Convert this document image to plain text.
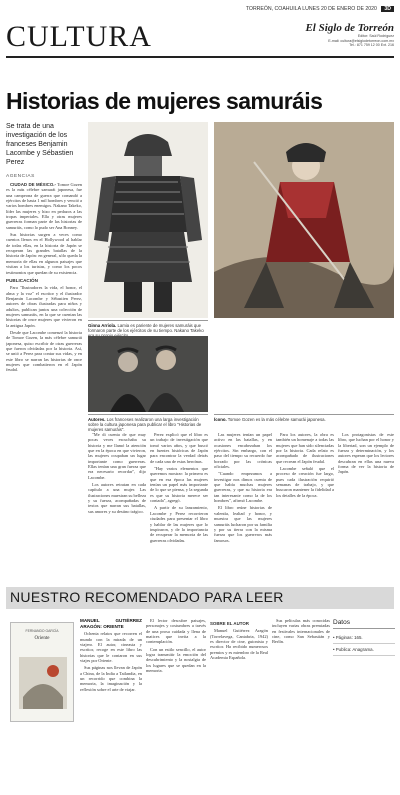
TORREÓN, COAHUILA LUNES 20 DE ENERO DE 2020 3D
CULTURA	El Siglo de Torreón
Editor: Saúl Rodríguez
E-mail: cultura@elsiglodetorreon.com.mx
Tel.: 871 759 12 00 Ext. 216
Historias de mujeres samuráis
Se trata de una investigación de los franceses Benjamin Lacombe y Sébastien Perez
AGENCIAS

CIUDAD DE MÉXICO.- Tomoe Gozen es la más célebre samurái japonesa, fue una campeona de guerra que comandó a ejércitos de hasta 1 mil hombres y venció a varios hombres enemigos. Nakano Takeko, líder las mujeres y hizo en pedazos a las tropas imperiales. Ella y otras mujeres guerreras forman parte de las historias de samuráis, como lo pudo ser Ana Bonney.

Sus historias surgen a veces como cuentos llenos en el Hollywood al hablar de todas ellas, en la historia de Japón se recuperan las grandes batallas de la historia de Japón: en general, sólo queda la memoria de ellas en algunos paisajes que visitan a los turistas, y como los pocos testimonios que quedan de su existencia.

PUBLICACIÓN

Para "Ilustradores la vida, el honor, el alma y la voz" el escritor y el ilustrador Benjamin Lacombe y Sébastien Perez, autores de obras ilustradas para niños y adultos, publican juntos una colección de mujeres samuráis, en la que se cuentan las historias de once mujeres que vivieron en la antigua Japón.

Desde que Lacombe comenzó la historia de Tomoe Gozen, la más célebre samurái japonesa, quiso escribir de otras guerreras que fueron olvidadas por la historia. Así, se unió a Perez para contar sus vidas, y en este libro se narran las historias de once mujeres que combatieron en el Japón feudal.

Ginna Arriola. Lamia es pariente de mujeres samuráis que formaron parte de los ejércitos de su tiempo. Nakano Takeko
Autores. Los franceses realizaron una larga investigación sobre la cultura japonesa para publicar el libro "Historias de mujeres samuráis".
Ícono. Tomoe Gozen es la más célebre samurái japonesa.

"Me di cuenta de que muy pocas veces escuchaba su historia y me llamó la atención que en la época en que vivieron, las mujeres ocupaban un lugar importante como guerreras. Ellas tenían una gran fuerza que era necesario recordar", dijo Lacombe.

Los autores retratan en cada capítulo a una mujer. Las ilustraciones muestran su belleza y su fuerza, acompañadas de textos que narran sus batallas, sus amores y su destino trágico.

Perez explicó que el libro es un trabajo de investigación que tomó varios años, y que buscó en fuentes históricas de Japón para encontrar la verdad detrás de cada una de estas heroínas.

"Hay varios elementos que queremos mostrar: la primera es que en esa época las mujeres tenían un papel más importante de lo que se piensa, y la segunda es que su historia merece ser contada", agregó.

A partir de su lanzamiento, Lacombe y Perez recorrieron ciudades para presentar el libro y hablar de las mujeres que lo inspiraron, y de la importancia de recuperar la memoria de las guerreras olvidadas.

Las mujeres tenían un papel activo en las batallas, y en ocasiones encabezaban los ejércitos. Sin embargo, con el paso del tiempo su recuerdo fue borrado por las crónicas oficiales.

"Cuando empezamos a investigar nos dimos cuenta de que había muchas mujeres guerreras, y que su historia era tan interesante como la de los hombres", afirmó Lacombe.

El libro reúne historias de valentía, lealtad y honor, y muestra que las mujeres samuráis lucharon por su familia y por su tierra con la misma fuerza que los guerreros más famosos.

Para los autores, la obra es también un homenaje a todas las mujeres que han sido silenciadas por la historia. Cada relato es acompañado de ilustraciones que recrean el Japón feudal.

Lacombe señaló que el proceso de creación fue largo, pues cada ilustración requirió semanas de trabajo, y que buscaron mantener la fidelidad a los detalles de la época.

Los protagonistas de este libro, que luchan por el honor y la libertad, son un ejemplo de fuerza y determinación, y los autores esperan que los lectores descubran en ellas una nueva forma de ver la historia de Japón.

NUESTRO RECOMENDADO PARA LEER
FERNANDO GARCÍA
Oriente

MANUEL GUTIÉRREZ ARAGÓN: ORIENTE

Ochenta relatos que recorren el mundo con la mirada de un viajero. El autor, cineasta y escritor, recoge en este libro las historias que le contaron en sus viajes por Oriente.

Sus páginas nos llevan de Japón a China, de la India a Tailandia, en un recorrido que combina la memoria, la imaginación y la reflexión sobre el arte de viajar.

El lector descubre paisajes, personajes y costumbres a través de una prosa cuidada y llena de matices que invita a la contemplación.

Con un estilo sencillo, el autor logra transmitir la emoción del descubrimiento y la nostalgia de los lugares que se quedan en la memoria.

SOBRE EL AUTOR

Manuel Gutiérrez Aragón (Torrelavega, Cantabria, 1942) es director de cine, guionista y escritor. Ha recibido numerosos premios y es miembro de la Real Academia Española.

Sus películas más conocidas incluyen varias obras premiadas en festivales internacionales de cine, como San Sebastián y Berlín.

Datos
• Páginas: 165.
• Publica: Anagrama.
